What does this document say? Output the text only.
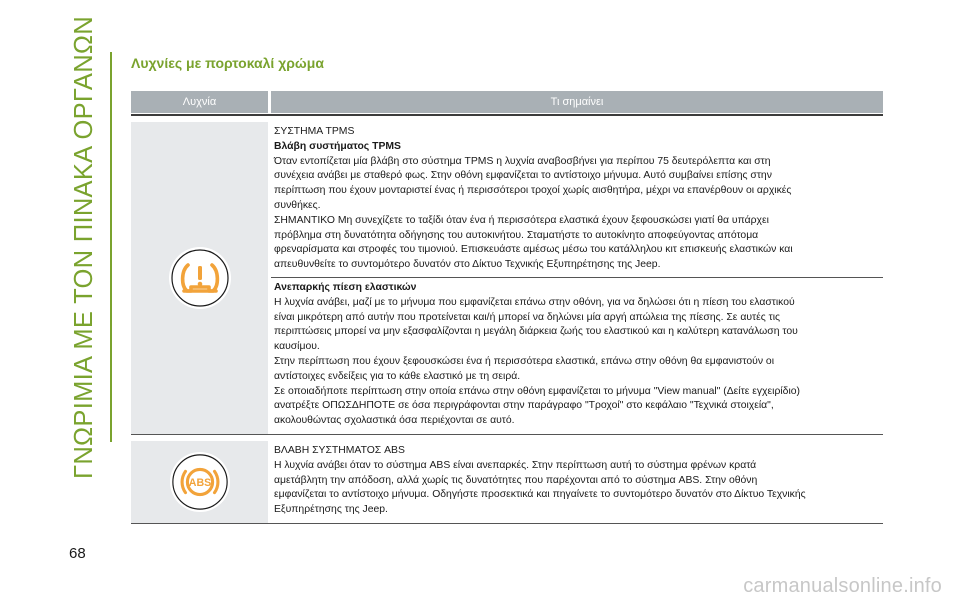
ΓΝΩΡΙΜΙΑ ΜΕ ΤΟΝ ΠΙΝΑΚΑ ΟΡΓΑΝΩΝ Λυχνίες με πορτοκαλί χρώμα
Λυχνία	Τι σημαίνει
ΣΥΣΤΗΜΑ TPMS
Βλάβη συστήματος TPMS
Όταν εντοπίζεται μία βλάβη στο σύστημα TPMS η λυχνία αναβοσβήνει για περίπου 75 δευτερόλεπτα και στη
συνέχεια ανάβει με σταθερό φως. Στην οθόνη εμφανίζεται το αντίστοιχο μήνυμα. Αυτό συμβαίνει επίσης στην
περίπτωση που έχουν μονταριστεί ένας ή περισσότεροι τροχοί χωρίς αισθητήρα, μέχρι να επανέρθουν οι αρχικές
συνθήκες.
ΣΗΜΑΝΤΙΚΟ Μη συνεχίζετε το ταξίδι όταν ένα ή περισσότερα ελαστικά έχουν ξεφουσκώσει γιατί θα υπάρχει
πρόβλημα στη δυνατότητα οδήγησης του αυτοκινήτου. Σταματήστε το αυτοκίνητο αποφεύγοντας απότομα
φρεναρίσματα και στροφές του τιμονιού. Επισκευάστε αμέσως μέσω του κατάλληλου κιτ επισκευής ελαστικών και
απευθυνθείτε το συντομότερο δυνατόν στο Δίκτυο Τεχνικής Εξυπηρέτησης της Jeep.
Ανεπαρκής πίεση ελαστικών
Η λυχνία ανάβει, μαζί με το μήνυμα που εμφανίζεται επάνω στην οθόνη, για να δηλώσει ότι η πίεση του ελαστικού
είναι μικρότερη από αυτήν που προτείνεται και/ή μπορεί να δηλώνει μία αργή απώλεια της πίεσης. Σε αυτές τις
περιπτώσεις μπορεί να μην εξασφαλίζονται η μεγάλη διάρκεια ζωής του ελαστικού και η καλύτερη κατανάλωση του
καυσίμου.
Στην περίπτωση που έχουν ξεφουσκώσει ένα ή περισσότερα ελαστικά, επάνω στην οθόνη θα εμφανιστούν οι
αντίστοιχες ενδείξεις για το κάθε ελαστικό με τη σειρά.
Σε οποιαδήποτε περίπτωση στην οποία επάνω στην οθόνη εμφανίζεται το μήνυμα "View manual" (Δείτε εγχειρίδιο)
ανατρέξτε ΟΠΩΣΔΗΠΟΤΕ σε όσα περιγράφονται στην παράγραφο "Τροχοί" στο κεφάλαιο "Τεχνικά στοιχεία",
ακολουθώντας σχολαστικά όσα περιέχονται σε αυτό.
ABS
ΒΛΑΒΗ ΣΥΣΤΗΜΑΤΟΣ ABS
Η λυχνία ανάβει όταν το σύστημα ABS είναι ανεπαρκές. Στην περίπτωση αυτή το σύστημα φρένων κρατά
αμετάβλητη την απόδοση, αλλά χωρίς τις δυνατότητες που παρέχονται από το σύστημα ABS. Στην οθόνη
εμφανίζεται το αντίστοιχο μήνυμα. Οδηγήστε προσεκτικά και πηγαίνετε το συντομότερο δυνατόν στο Δίκτυο Τεχνικής
Εξυπηρέτησης της Jeep.
68
carmanualsonline.info
